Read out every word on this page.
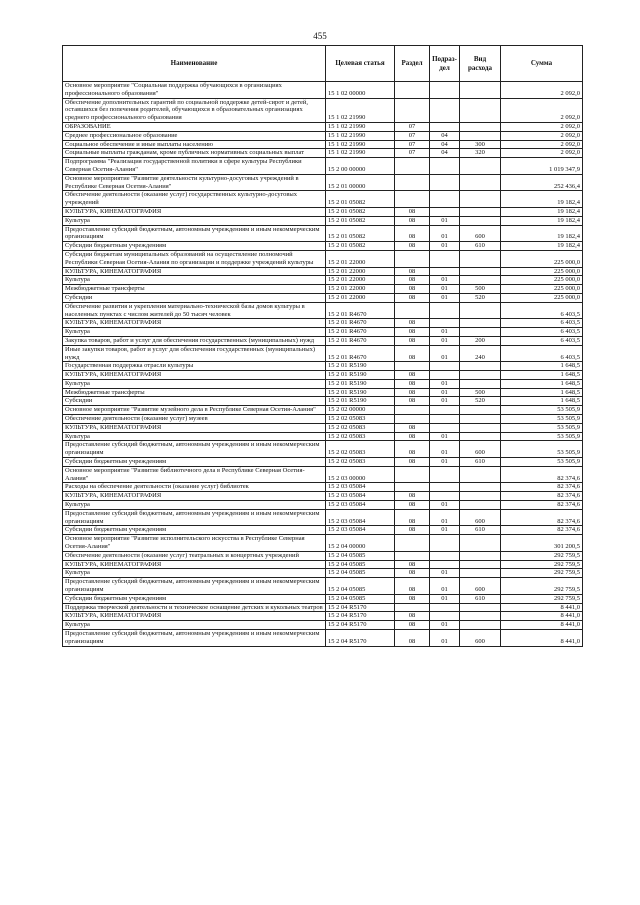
455
Наименование	Целевая статья	Раздел	Подраз-дел	Вид расхода	Сумма
Основное мероприятие "Социальная поддержка обучающихся в организациях профессионального образования"	15 1 02 00000				2 092,0
Обеспечение дополнительных гарантий по социальной поддержке детей-сирот и детей, оставшихся без попечения родителей, обучающихся в образовательных организациях среднего профессионального образования	15 1 02 21990				2 092,0
ОБРАЗОВАНИЕ	15 1 02 21990	07			2 092,0
Среднее профессиональное образование	15 1 02 21990	07	04		2 092,0
Социальное обеспечение и иные выплаты населению	15 1 02 21990	07	04	300	2 092,0
Социальные выплаты гражданам, кроме публичных нормативных социальных выплат	15 1 02 21990	07	04	320	2 092,0
Подпрограмма "Реализация государственной политики в сфере культуры Республики Северная Осетия-Алания"	15 2 00 00000				1 019 347,9
Основное мероприятие "Развитие деятельности культурно-досуговых учреждений в Республике Северная Осетия-Алания"	15 2 01 00000				252 436,4
Обеспечение деятельности (оказание услуг) государственных культурно-досуговых учреждений	15 2 01 05082				19 182,4
КУЛЬТУРА, КИНЕМАТОГРАФИЯ	15 2 01 05082	08			19 182,4
Культура	15 2 01 05082	08	01		19 182,4
Предоставление субсидий бюджетным, автономным учреждениям и иным некоммерческим организациям	15 2 01 05082	08	01	600	19 182,4
Субсидии бюджетным учреждениям	15 2 01 05082	08	01	610	19 182,4
Субсидии бюджетам муниципальных образований на осуществление полномочий Республики Северная Осетия-Алания по организации и поддержке учреждений культуры	15 2 01 22000				225 000,0
КУЛЬТУРА, КИНЕМАТОГРАФИЯ	15 2 01 22000	08			225 000,0
Культура	15 2 01 22000	08	01		225 000,0
Межбюджетные трансферты	15 2 01 22000	08	01	500	225 000,0
Субсидии	15 2 01 22000	08	01	520	225 000,0
Обеспечение развития и укрепления материально-технической базы домов культуры в населенных пунктах с числом жителей до 50 тысяч человек	15 2 01 R4670				6 403,5
КУЛЬТУРА, КИНЕМАТОГРАФИЯ	15 2 01 R4670	08			6 403,5
Культура	15 2 01 R4670	08	01		6 403,5
Закупка товаров, работ и услуг для обеспечения государственных (муниципальных) нужд	15 2 01 R4670	08	01	200	6 403,5
Иные закупки товаров, работ и услуг для обеспечения государственных (муниципальных) нужд	15 2 01 R4670	08	01	240	6 403,5
Государственная поддержка отрасли культуры	15 2 01 R5190				1 648,5
КУЛЬТУРА, КИНЕМАТОГРАФИЯ	15 2 01 R5190	08			1 648,5
Культура	15 2 01 R5190	08	01		1 648,5
Межбюджетные трансферты	15 2 01 R5190	08	01	500	1 648,5
Субсидии	15 2 01 R5190	08	01	520	1 648,5
Основное мероприятие "Развитие музейного дела в Республике Северная Осетия-Алания"	15 2 02 00000				53 505,9
Обеспечение деятельности (оказание услуг) музеев	15 2 02 05083				53 505,9
КУЛЬТУРА, КИНЕМАТОГРАФИЯ	15 2 02 05083	08			53 505,9
Культура	15 2 02 05083	08	01		53 505,9
Предоставление субсидий бюджетным, автономным учреждениям и иным некоммерческим организациям	15 2 02 05083	08	01	600	53 505,9
Субсидии бюджетным учреждениям	15 2 02 05083	08	01	610	53 505,9
Основное мероприятие "Развитие библиотечного дела в Республике Северная Осетия-Алания"	15 2 03 00000				82 374,6
Расходы на обеспечение деятельности (оказание услуг) библиотек	15 2 03 05084				82 374,6
КУЛЬТУРА, КИНЕМАТОГРАФИЯ	15 2 03 05084	08			82 374,6
Культура	15 2 03 05084	08	01		82 374,6
Предоставление субсидий бюджетным, автономным учреждениям и иным некоммерческим организациям	15 2 03 05084	08	01	600	82 374,6
Субсидии бюджетным учреждениям	15 2 03 05084	08	01	610	82 374,6
Основное мероприятие "Развитие исполнительского искусства в Республике Северная Осетия-Алания"	15 2 04 00000				301 200,5
Обеспечение деятельности (оказание услуг) театральных и концертных учреждений	15 2 04 05085				292 759,5
КУЛЬТУРА, КИНЕМАТОГРАФИЯ	15 2 04 05085	08			292 759,5
Культура	15 2 04 05085	08	01		292 759,5
Предоставление субсидий бюджетным, автономным учреждениям и иным некоммерческим организациям	15 2 04 05085	08	01	600	292 759,5
Субсидии бюджетным учреждениям	15 2 04 05085	08	01	610	292 759,5
Поддержка творческой деятельности и техническое оснащение детских и кукольных театров	15 2 04 R5170				8 441,0
КУЛЬТУРА, КИНЕМАТОГРАФИЯ	15 2 04 R5170	08			8 441,0
Культура	15 2 04 R5170	08	01		8 441,0
Предоставление субсидий бюджетным, автономным учреждениям и иным некоммерческим организациям	15 2 04 R5170	08	01	600	8 441,0
